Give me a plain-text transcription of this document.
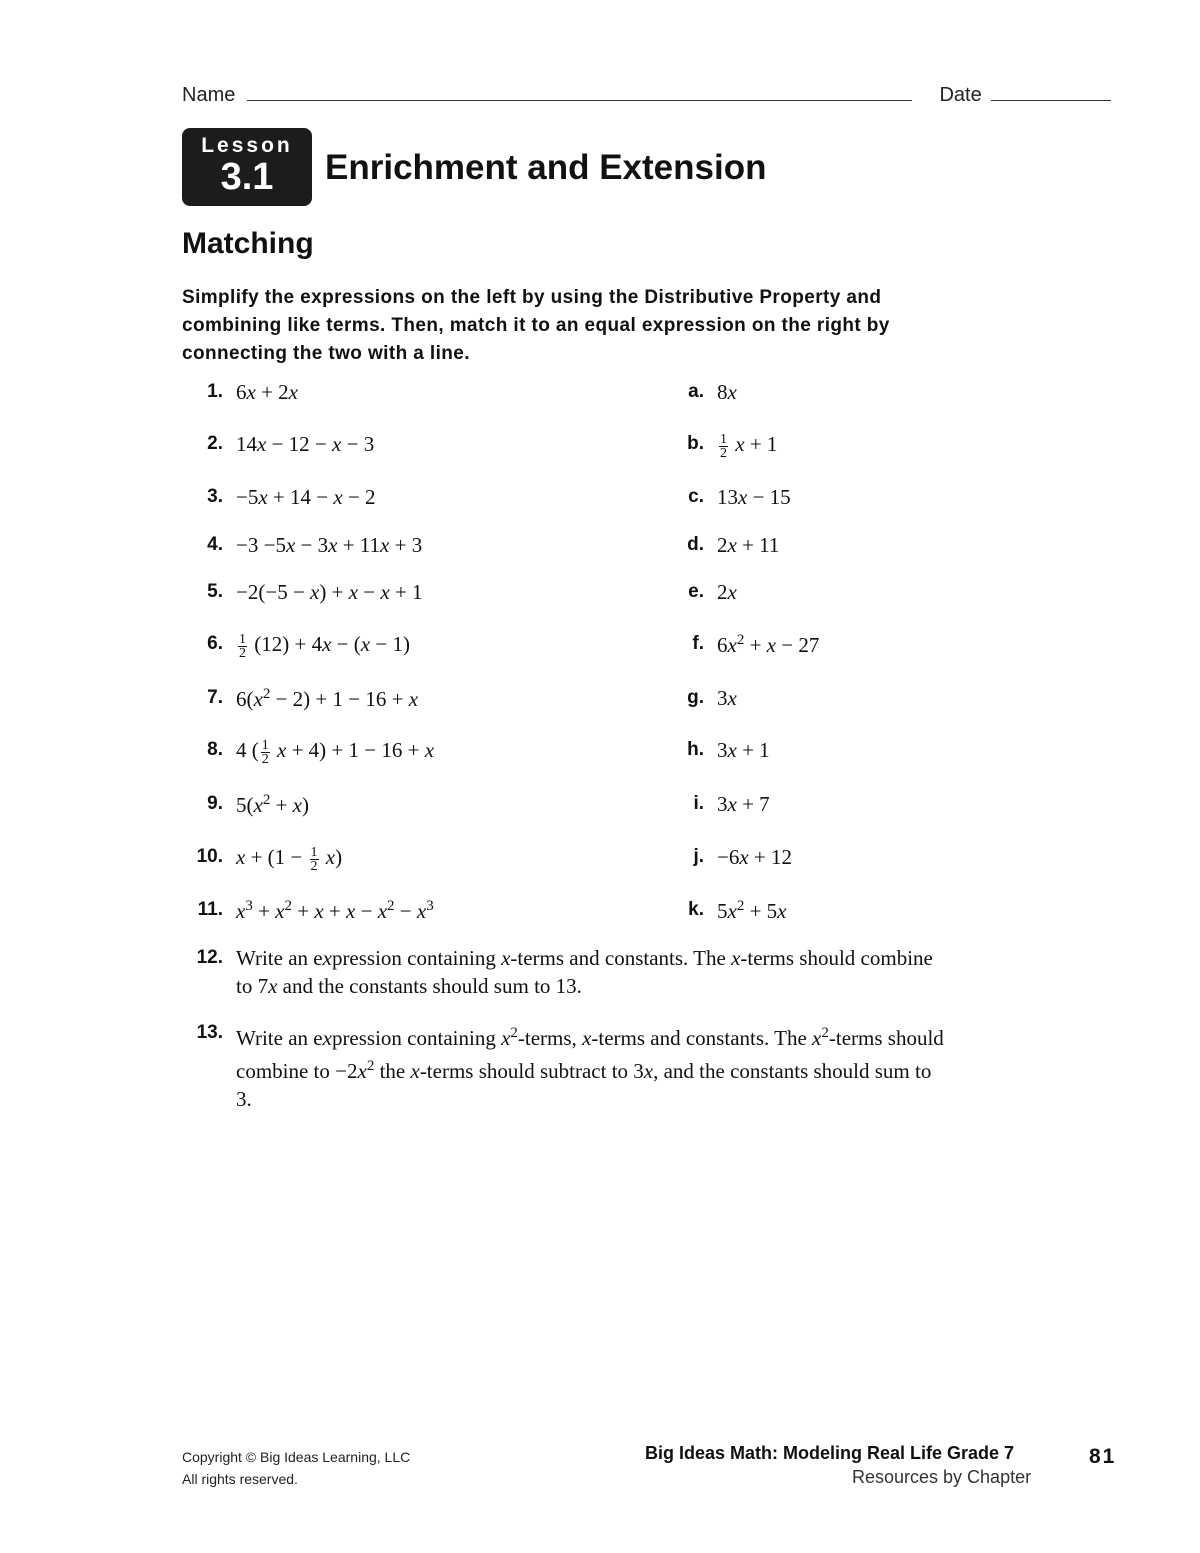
Name	Date
Lesson
3.1	Enrichment and Extension
Matching
Simplify the expressions on the left by using the Distributive Property and combining like terms. Then, match it to an equal expression on the right by connecting the two with a line.
1. 6x + 2x
2. 14x − 12 − x − 3
3. −5x + 14 − x − 2
4. −3 −5x − 3x + 11x + 3
5. −2(−5 − x) + x − x + 1
6. $\frac{1}{2} (12) + 4x - (x - 1)$
7. $6(x^2 - 2) + 1 - 16 + x$
8. 4 ( $\frac{1}{2}$ x + 4) + 1 − 16 + x
9. $5(x^2 + x)$
10. $x + (1 - \frac{1}{2} x)$
11. $x^3 + x^2 + x + x - x^2 - x^3$
a. 8x
b. $\frac{1}{2}$ x + 1
c. 13x − 15
d. 2x + 11
e. 2x
f. $6x^2 + x - 27$
g. 3x
h. 3x + 1
i. 3x + 7
j. −6x + 12
k. $5x^2 + 5x$
12. Write an expression containing x-terms and constants. The x-terms should combine to 7x and the constants should sum to 13.
13. Write an expression containing $x^2$-terms, x-terms and constants. The $x^2$-terms should combine to $-2x^2$ the x-terms should subtract to 3x, and the constants should sum to 3.
Copyright © Big Ideas Learning, LLC
All rights reserved.
Big Ideas Math: Modeling Real Life Grade 7
Resources by Chapter
81
